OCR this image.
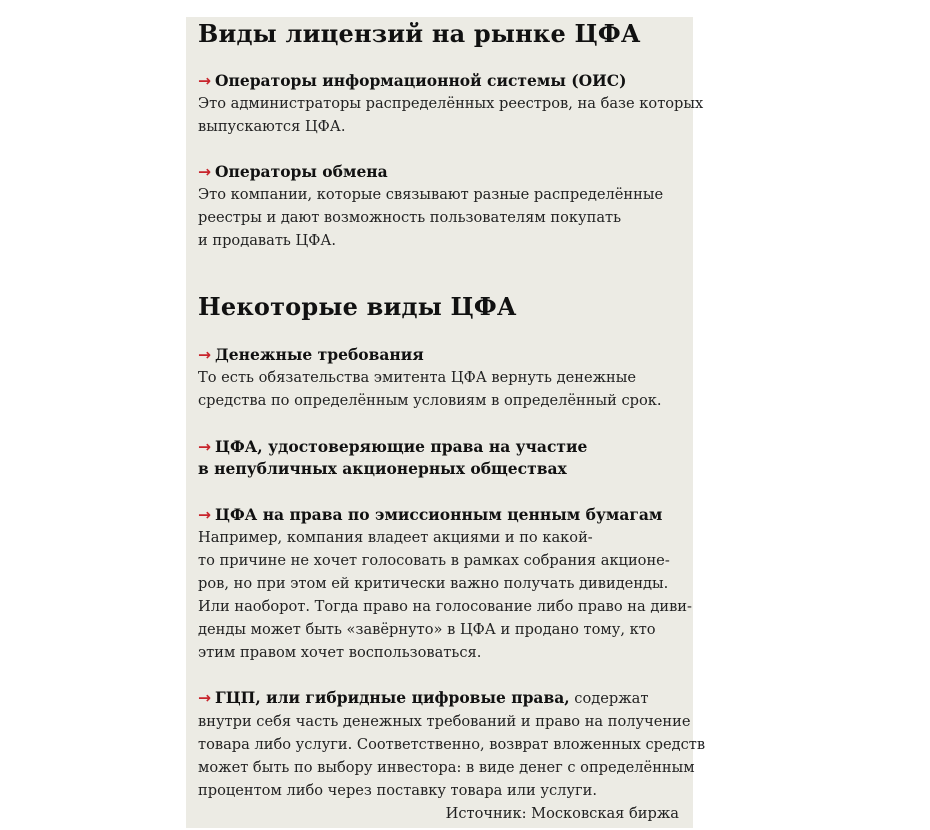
Виды лицензий на рынке ЦФА
→ Операторы информационной системы (ОИС)
Это администраторы распределённых реестров, на базе которых
выпускаются ЦФА.
→ Операторы обмена
Это компании, которые связывают разные распределённые
реестры и дают возможность пользователям покупать
и продавать ЦФА.
Некоторые виды ЦФА
→ Денежные требования
То есть обязательства эмитента ЦФА вернуть денежные
средства по определённым условиям в определённый срок.
→ ЦФА, удостоверяющие права на участие
в непубличных акционерных обществах
→ ЦФА на права по эмиссионным ценным бумагам
Например, компания владеет акциями и по какой-
то причине не хочет голосовать в рамках собрания акционе-
ров, но при этом ей критически важно получать дивиденды.
Или наоборот. Тогда право на голосование либо право на диви-
денды может быть «завёрнуто» в ЦФА и продано тому, кто
этим правом хочет воспользоваться.
→ ГЦП, или гибридные цифровые права, содержат
внутри себя часть денежных требований и право на получение
товара либо услуги. Соответственно, возврат вложенных средств
может быть по выбору инвестора: в виде денег с определённым
процентом либо через поставку товара или услуги.
Источник: Московская биржа
